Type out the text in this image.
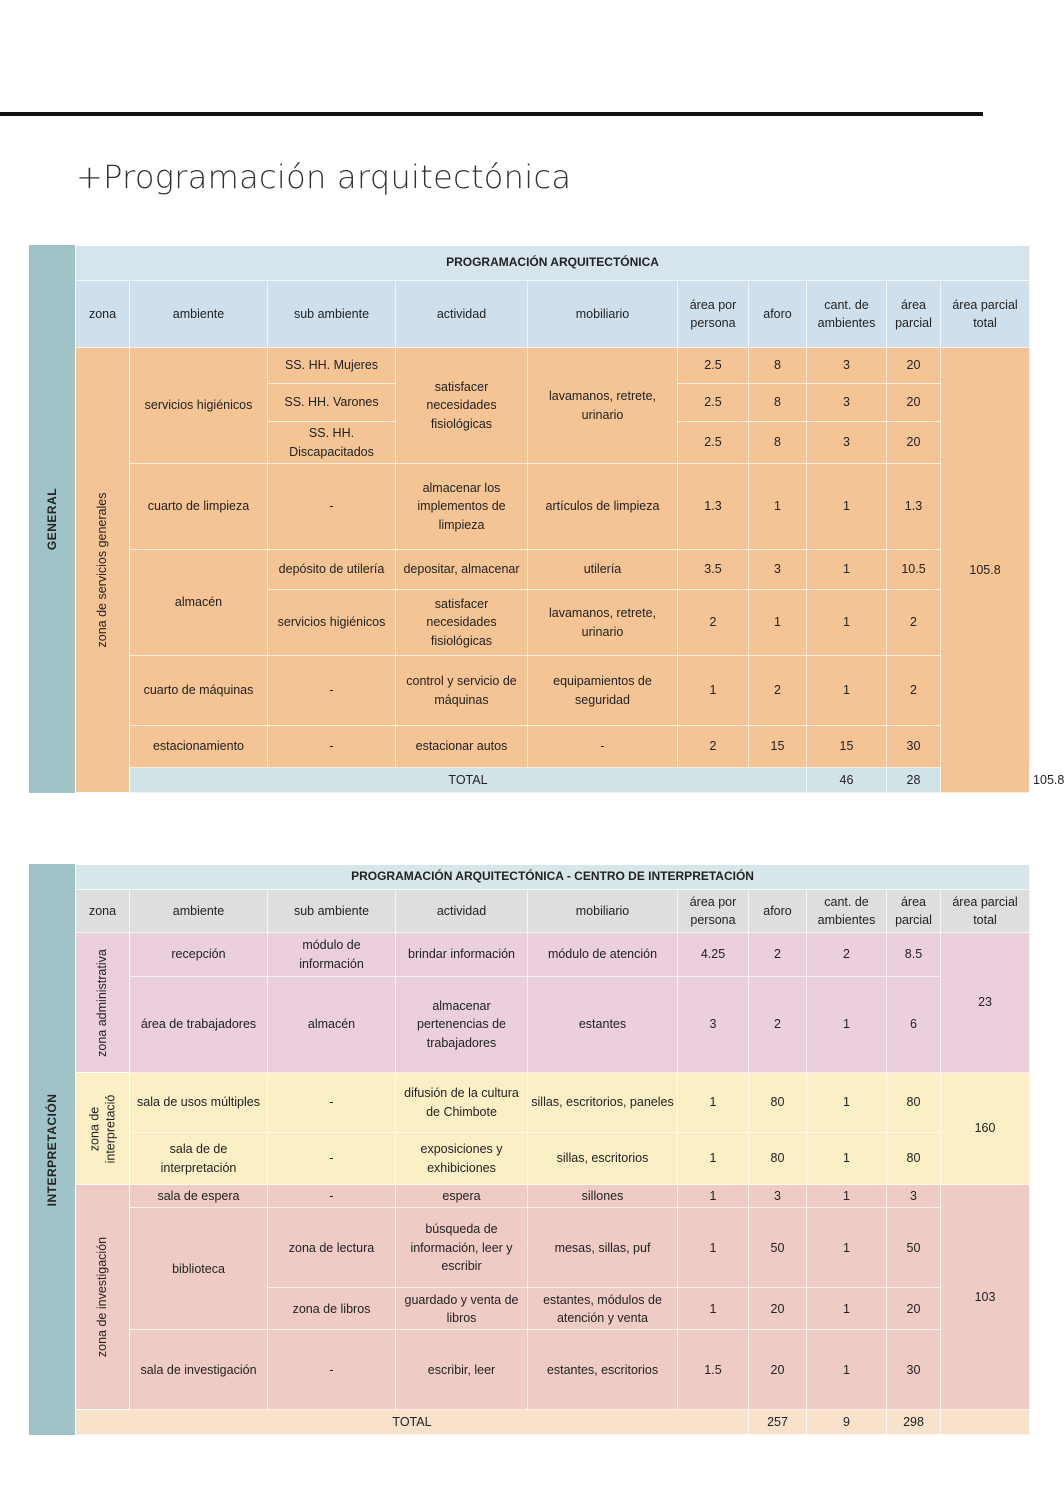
+Programación arquitectónica
GENERAL
PROGRAMACIÓN ARQUITECTÓNICA										
zona	ambiente	sub ambiente	actividad	mobiliario	área por persona	aforo	cant. de ambientes	área parcial	área parcial total	

zona de servicios generales	servicios higiénicos	SS. HH. Mujeres	satisfacer necesidades fisiológicas	lavamanos, retrete, urinario	2.5	8	3	20	105.8	
		SS. HH. Varones			2.5	8	3	20		
		SS. HH. Discapacitados			2.5	8	3	20		
	cuarto de limpieza	-	almacenar los implementos de limpieza	artículos de limpieza	1.3	1	1	1.3		
	almacén	depósito de utilería	depositar, almacenar	utilería	3.5	3	1	10.5		
		servicios higiénicos	satisfacer necesidades fisiológicas	lavamanos, retrete, urinario	2	1	1	2		
	cuarto de máquinas	-	control y servicio de máquinas	equipamientos de seguridad	1	2	1	2		
	estacionamiento	-	estacionar autos	-	2	15	15	30		
	TOTAL						46	28		105.8	
INTERPRETACIÓN
PROGRAMACIÓN ARQUITECTÓNICA - CENTRO DE INTERPRETACIÓN									
zona	ambiente	sub ambiente	actividad	mobiliario	área por persona	aforo	cant. de ambientes	área parcial	área parcial total

zona administrativa	recepción	módulo de información	brindar información	módulo de atención	4.25	2	2	8.5	23
	área de trabajadores	almacén	almacenar pertenencias de trabajadores	estantes	3	2	1	6	

zona de interpretació	sala de usos múltiples	-	difusión de la cultura de Chimbote	sillas, escritorios, paneles	1	80	1	80	160
	sala de de interpretación	-	exposiciones y exhibiciones	sillas, escritorios	1	80	1	80	

zona de investigación	sala de espera	-	espera	sillones	1	3	1	3	103
	biblioteca	zona de lectura	búsqueda de información, leer y escribir	mesas, sillas, puf	1	50	1	50	
		zona de libros	guardado y venta de libros	estantes, módulos de atención y venta	1	20	1	20	
	sala de investigación	-	escribir, leer	estantes, escritorios	1.5	20	1	30	
TOTAL						257	9	298	
